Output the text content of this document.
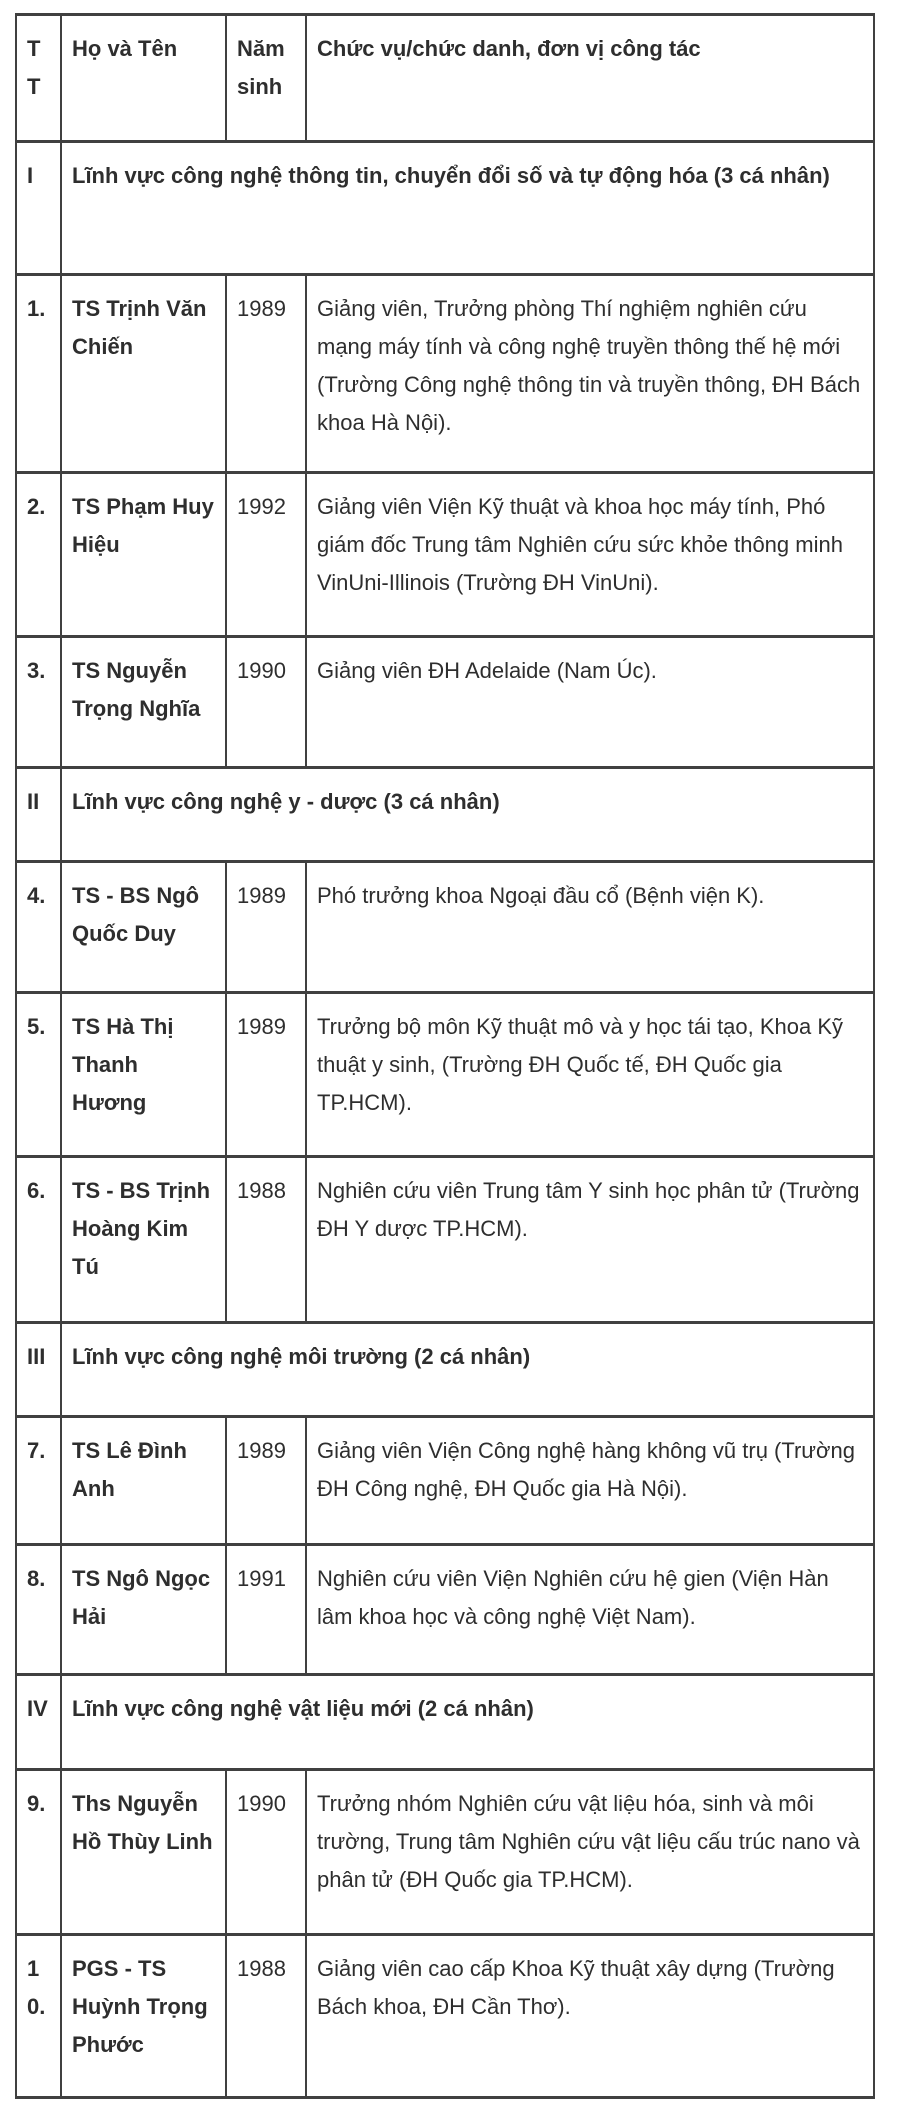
TT	Họ và Tên	Năm sinh	Chức vụ/chức danh, đơn vị công tác
I	Lĩnh vực công nghệ thông tin, chuyển đổi số và tự động hóa (3 cá nhân)		
1.	TS Trịnh Văn Chiến	1989	Giảng viên, Trưởng phòng Thí nghiệm nghiên cứu mạng máy tính và công nghệ truyền thông thế hệ mới (Trường Công nghệ thông tin và truyền thông, ĐH Bách khoa Hà Nội).
2.	TS Phạm Huy Hiệu	1992	Giảng viên Viện Kỹ thuật và khoa học máy tính, Phó giám đốc Trung tâm Nghiên cứu sức khỏe thông minh VinUni-Illinois (Trường ĐH VinUni).
3.	TS Nguyễn Trọng Nghĩa	1990	Giảng viên ĐH Adelaide (Nam Úc).
II	Lĩnh vực công nghệ y - dược (3 cá nhân)		
4.	TS - BS Ngô Quốc Duy	1989	Phó trưởng khoa Ngoại đầu cổ (Bệnh viện K).
5.	TS Hà Thị Thanh Hương	1989	Trưởng bộ môn Kỹ thuật mô và y học tái tạo, Khoa Kỹ thuật y sinh, (Trường ĐH Quốc tế, ĐH Quốc gia TP.HCM).
6.	TS - BS Trịnh Hoàng Kim Tú	1988	Nghiên cứu viên Trung tâm Y sinh học phân tử (Trường ĐH Y dược TP.HCM).
III	Lĩnh vực công nghệ môi trường (2 cá nhân)		
7.	TS Lê Đình Anh	1989	Giảng viên Viện Công nghệ hàng không vũ trụ (Trường ĐH Công nghệ, ĐH Quốc gia Hà Nội).
8.	TS Ngô Ngọc Hải	1991	Nghiên cứu viên Viện Nghiên cứu hệ gien (Viện Hàn lâm khoa học và công nghệ Việt Nam).
IV	Lĩnh vực công nghệ vật liệu mới (2 cá nhân)		
9.	Ths Nguyễn Hồ Thùy Linh	1990	Trưởng nhóm Nghiên cứu vật liệu hóa, sinh và môi trường, Trung tâm Nghiên cứu vật liệu cấu trúc nano và phân tử (ĐH Quốc gia TP.HCM).
10.	PGS - TS Huỳnh Trọng Phước	1988	Giảng viên cao cấp Khoa Kỹ thuật xây dựng (Trường Bách khoa, ĐH Cần Thơ).
